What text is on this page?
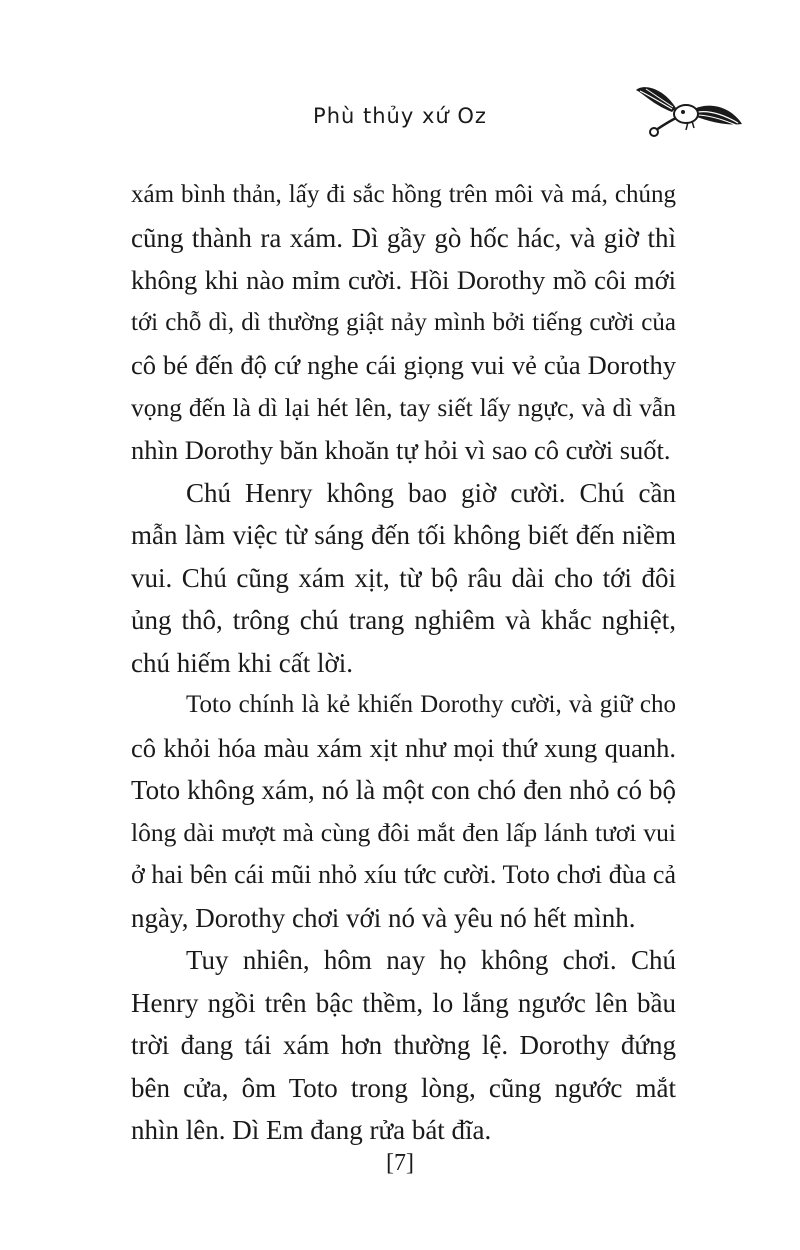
Phù thủy xứ Oz

xám bình thản, lấy đi sắc hồng trên môi và má, chúng
cũng thành ra xám. Dì gầy gò hốc hác, và giờ thì
không khi nào mỉm cười. Hồi Dorothy mồ côi mới
tới chỗ dì, dì thường giật nảy mình bởi tiếng cười của
cô bé đến độ cứ nghe cái giọng vui vẻ của Dorothy
vọng đến là dì lại hét lên, tay siết lấy ngực, và dì vẫn
nhìn Dorothy băn khoăn tự hỏi vì sao cô cười suốt.

Chú Henry không bao giờ cười. Chú cần
mẫn làm việc từ sáng đến tối không biết đến niềm
vui. Chú cũng xám xịt, từ bộ râu dài cho tới đôi
ủng thô, trông chú trang nghiêm và khắc nghiệt,
chú hiếm khi cất lời.

Toto chính là kẻ khiến Dorothy cười, và giữ cho
cô khỏi hóa màu xám xịt như mọi thứ xung quanh.
Toto không xám, nó là một con chó đen nhỏ có bộ
lông dài mượt mà cùng đôi mắt đen lấp lánh tươi vui
ở hai bên cái mũi nhỏ xíu tức cười. Toto chơi đùa cả
ngày, Dorothy chơi với nó và yêu nó hết mình.

Tuy nhiên, hôm nay họ không chơi. Chú
Henry ngồi trên bậc thềm, lo lắng ngước lên bầu
trời đang tái xám hơn thường lệ. Dorothy đứng
bên cửa, ôm Toto trong lòng, cũng ngước mắt
nhìn lên. Dì Em đang rửa bát đĩa.

[7]
